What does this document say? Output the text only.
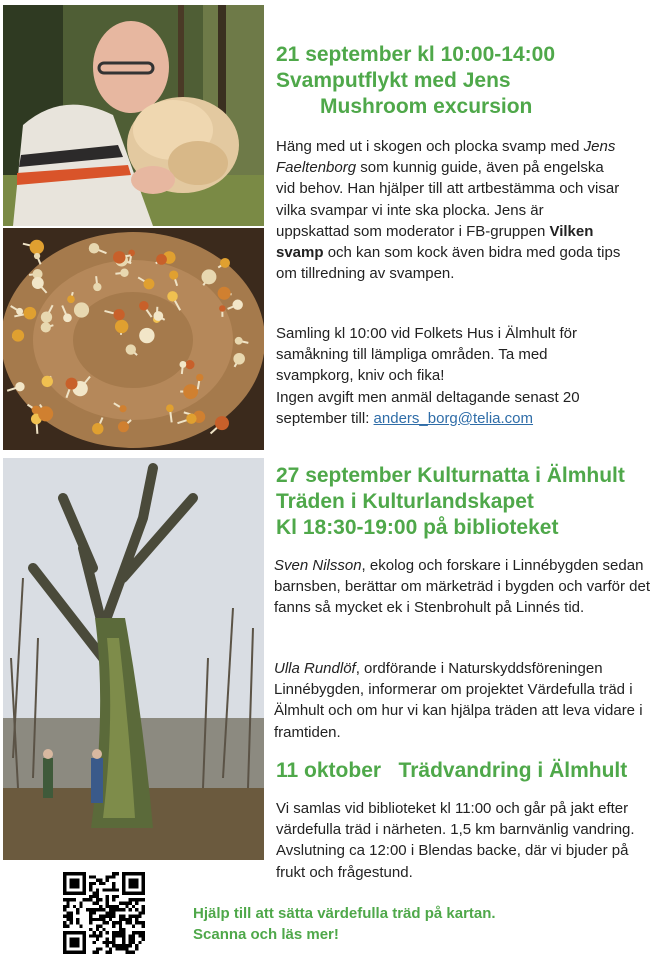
21 september kl 10:00-14:00
Svamputflykt med Jens
Mushroom excursion

Häng med ut i skogen och plocka svamp med Jens Faeltenborg som kunnig guide, även på engelska vid behov. Han hjälper till att artbestämma och visar vilka svampar vi inte ska plocka. Jens är uppskattad som moderator i FB-gruppen Vilken svamp och kan som kock även bidra med goda tips om tillredning av svampen.

Samling kl 10:00 vid Folkets Hus i Älmhult för samåkning till lämpliga områden. Ta med svampkorg, kniv och fika!
Ingen avgift men anmäl deltagande senast 20 september till: anders_borg@telia.com

27 september Kulturnatta i Älmhult
Träden i Kulturlandskapet
Kl 18:30-19:00 på biblioteket

Sven Nilsson, ekolog och forskare i Linnébygden sedan barnsben, berättar om märketräd i bygden och varför det fanns så mycket ek i Stenbrohult på Linnés tid.

Ulla Rundlöf, ordförande i Naturskyddsföreningen Linnébygden, informerar om projektet Värdefulla träd i Älmhult och om hur vi kan hjälpa träden att leva vidare i framtiden.

11 oktober   Trädvandring i Älmhult

Vi samlas vid biblioteket kl 11:00 och går på jakt efter värdefulla träd i närheten. 1,5 km barnvänlig vandring. Avslutning ca 12:00 i Blendas backe, där vi bjuder på frukt och frågestund.

Hjälp till att sätta värdefulla träd på kartan.
Scanna och läs mer!
